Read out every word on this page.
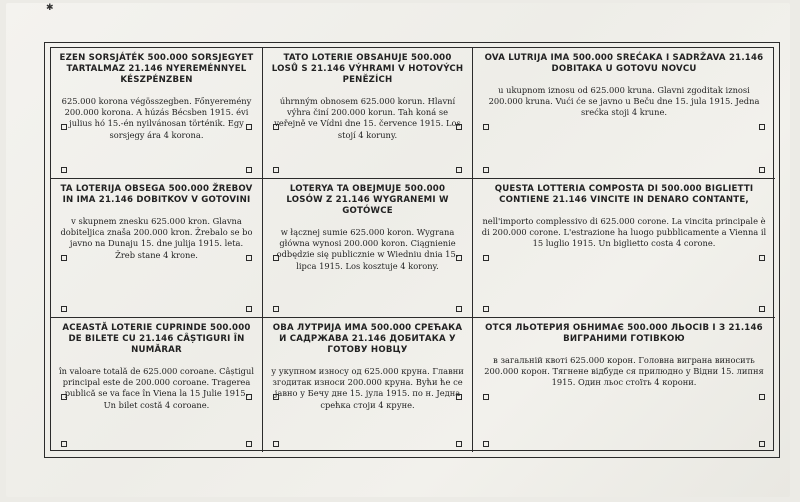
✱
EZEN SORSJÁTÉK 500.000 SORSJEGYET TARTALMAZ 21.146 NYEREMÉNNYEL KÉSZPÉNZBEN
625.000 korona végösszegben. Főnyeremény 200.000 korona. A húzás Bécsben 1915. évi julius hó 15.-én nyilvánosan történik. Egy sorsjegy ára 4 korona.
TATO LOTERIE OBSAHUJE 500.000 LOSŮ S 21.146 VÝHRAMI V HOTOVÝCH PENĚZÍCH
úhrnným obnosem 625.000 korun. Hlavní výhra činí 200.000 korun. Tah koná se veřejně ve Vídni dne 15. července 1915. Los stojí 4 koruny.
OVA LUTRIJA IMA 500.000 SREĆAKA I SADRŽAVA 21.146 DOBITAKA U GOTOVU NOVCU
u ukupnom iznosu od 625.000 kruna. Glavni zgoditak iznosi 200.000 kruna. Vući će se javno u Beču dne 15. jula 1915. Jedna srećka stoji 4 krune.
TA LOTERIJA OBSEGA 500.000 ŽREBOV IN IMA 21.146 DOBITKOV V GOTOVINI
v skupnem znesku 625.000 kron. Glavna dobiteljica znaša 200.000 kron. Žrebalo se bo javno na Dunaju 15. dne julija 1915. leta. Žreb stane 4 krone.
LOTERYA TA OBEJMUJE 500.000 LOSÓW Z 21.146 WYGRANEMI W GOTÓWCE
w łącznej sumie 625.000 koron. Wygrana główna wynosi 200.000 koron. Ciągnienie odbędzie się publicznie w Wiedniu dnia 15. lipca 1915. Los kosztuje 4 korony.
QUESTA LOTTERIA COMPOSTA DI 500.000 BIGLIETTI CONTIENE 21.146 VINCITE IN DENARO CONTANTE,
nell'importo complessivo di 625.000 corone. La vincita principale è di 200.000 corone. L'estrazione ha luogo pubblicamente a Vienna il 15 luglio 1915. Un biglietto costa 4 corone.
ACEASTĂ LOTERIE CUPRINDE 500.000 DE BILETE CU 21.146 CÂȘTIGURI ÎN NUMĂRAR
în valoare totală de 625.000 coroane. Câștigul principal este de 200.000 coroane. Tragerea publică se va face în Viena la 15 Julie 1915. Un bilet costă 4 coroane.
ОВА ЛУТРИЈА ИМА 500.000 СРЕЋАКА И САДРЖАВА 21.146 ДОБИТАКА У ГОТОВУ НОВЦУ
у укупном износу од 625.000 круна. Главни згодитак износи 200.000 круна. Вући ће се јавно у Бечу дне 15. јула 1915. по н. Једна срећка стоји 4 круне.
ОТСЯ ЛЬОТЕРИЯ ОБНИМАЄ 500.000 ЛЬОСІВ І З 21.146 ВИГРАНИМИ ГОТІВКОЮ
в загальній квоті 625.000 корон. Головна виграна виносить 200.000 корон. Тягнене відбуде ся прилюдно у Відни 15. липня 1915. Один льос стоїть 4 корони.
